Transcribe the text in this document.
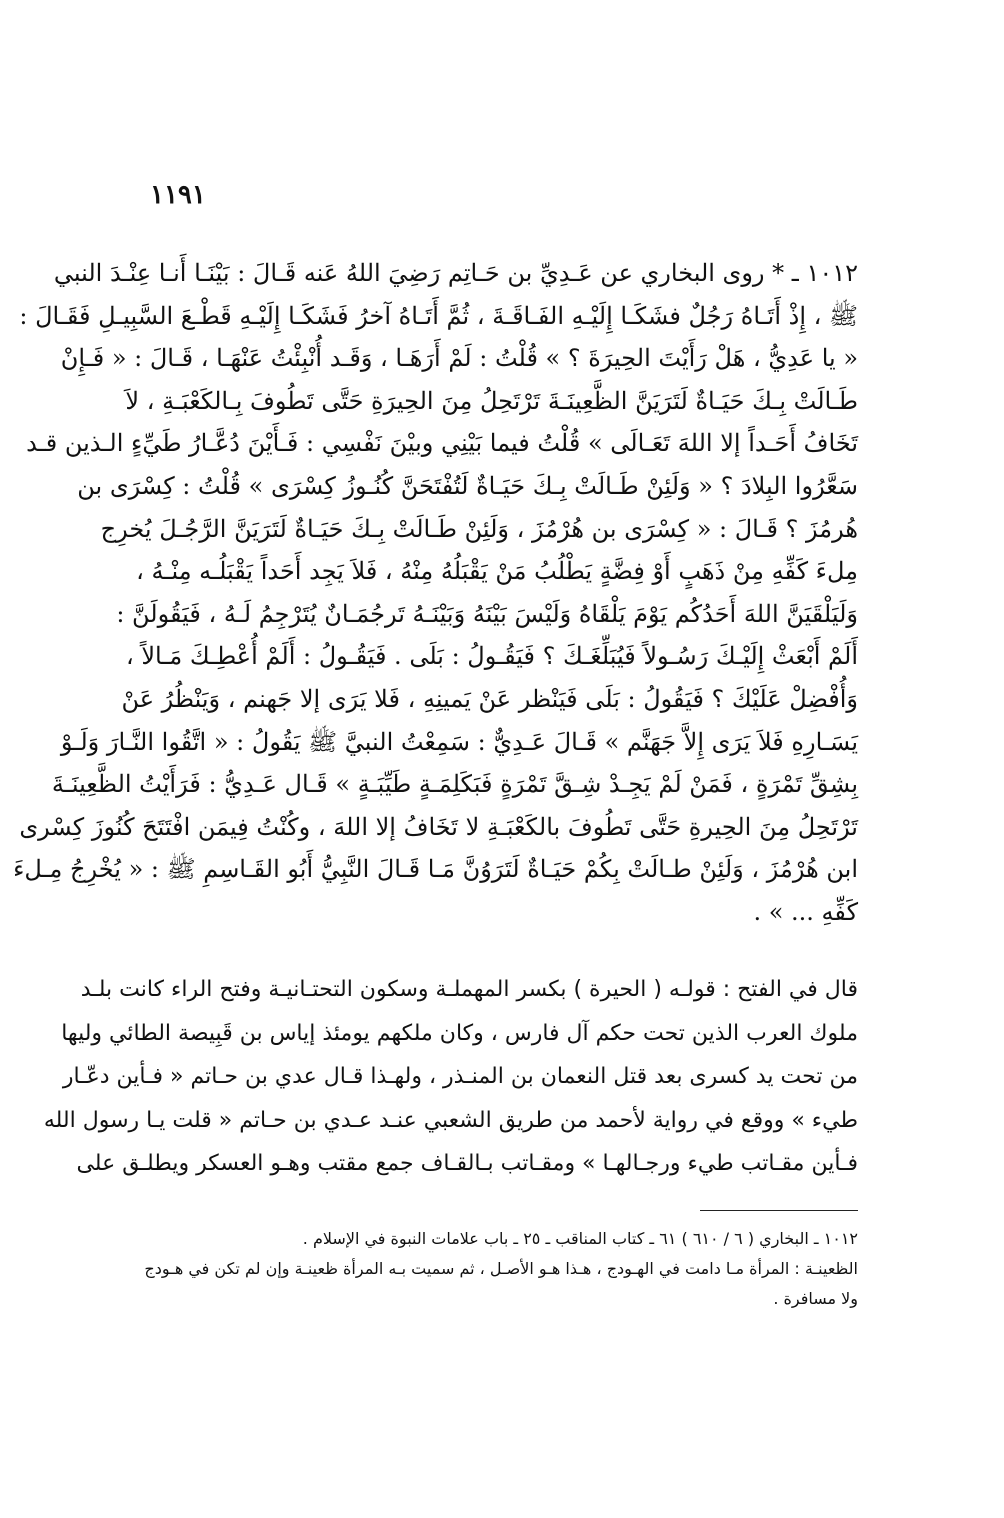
١١٩١
١٠١٢ ـ * روى البخاري عن عَـدِيِّ بن حَـاتِم رَضِيَ اللهُ عَنه قَـالَ : بَيْنَـا أَنـا عِنْـدَ النبي
ﷺ ، إِذْ أَتَـاهُ رَجُلٌ فشَكَـا إِلَيْـهِ الفَـاقَـةَ ، ثُمَّ أَتَـاهُ آخرُ فَشَكَـا إِلَيْـهِ قَطْـعَ السَّبِيـلِ فَقَـالَ :
« يا عَدِيُّ ، هَلْ رَأَيْتَ الحِيرَةَ ؟ » قُلْتُ : لَمْ أَرَهَـا ، وَقَـد أُنْبِئْتُ عَنْهَـا ، قَـالَ : « فَـإِنْ
طَـالَتْ بِـكَ حَيَـاةٌ لَتَرَيَنَّ الظَّعِينَـةَ تَرْتَحِلُ مِنَ الحِيرَةِ حَتَّى تَطُوفَ بِـالكَعْبَـةِ ، لاَ
تَخَافُ أَحَـداً إلا اللهَ تَعَـالَى » قُلْتُ فيما بَيْنِي وبيْنَ نَفْسِي : فَـأَيْنَ دُعَّـارُ طَيِّءٍ الـذين قـد
سَعَّرُوا البِلادَ ؟ « وَلَئِنْ طَـالَتْ بِـكَ حَيَـاةٌ لَتُفْتَحَنَّ كُنُـوزُ كِسْرَى » قُلْتُ : كِسْرَى بن
هُرمُزَ ؟ قَـالَ : « كِسْرَى بن هُرْمُزَ ، وَلَئِنْ طَـالَتْ بِـكَ حَيَـاةٌ لَتَرَيَنَّ الرَّجُـلَ يُخرِج
مِلءَ كَفِّهِ مِنْ ذَهَبٍ أَوْ فِضَّةٍ يَطْلُبُ مَنْ يَقْبَلُهُ مِنْهُ ، فَلاَ يَجِد أَحَداً يَقْبَلُـه مِنْـهُ ،
وَلَيَلْقَيَنَّ اللهَ أَحَدُكُم يَوْمَ يَلْقَاهُ وَلَيْسَ بَيْنَهُ وَبَيْنَـهُ تَرجُمَـانٌ يُتَرْجِمُ لَـهُ ، فَيَقُولَنَّ :
أَلَمْ أَبْعَثْ إِلَيْـكَ رَسُـولاً فَيُبَلِّغَـكَ ؟ فَيَقُـولُ : بَلَى . فَيَقُـولُ : أَلَمْ أُعْطِـكَ مَـالاً ،
وَأُفْضِلْ عَلَيْكَ ؟ فَيَقُولُ : بَلَى فَيَنْظر عَنْ يَمينِهِ ، فَلا يَرَى إلا جَهنم ، وَيَنْظُرُ عَنْ
يَسَـارِهِ فَلاَ يَرَى إِلاَّ جَهَنَّم » قَـالَ عَـدِيٌّ : سَمِعْتُ النبيَّ ﷺ يَقُولُ : « اتَّقُوا النَّـارَ وَلَـوْ
بِشِقِّ تَمْرَةٍ ، فَمَنْ لَمْ يَجِـدْ شِـقَّ تَمْرَةٍ فَبَكَلِمَـةٍ طَيِّبَـةٍ » قَـال عَـدِيُّ : فَرَأَيْتُ الظَّعِينَـةَ
تَرْتَحِلُ مِنَ الحِيرةِ حَتَّى تَطُوفَ بالكَعْبَـةِ لا تَخَافُ إلا اللهَ ، وكُنْتُ فِيمَن افْتَتَحَ كُنُوزَ كِسْرى
ابن هُرْمُزَ ، وَلَئِنْ طـالَتْ بِكُمْ حَيَـاةٌ لَتَرَوُنَّ مَـا قَـالَ النَّبِيُّ أَبُو القَـاسِمِ ﷺ : « يُخْرِجُ مِـلءَ
كَفِّهِ ... » .
قال في الفتح : قولـه ( الحيرة ) بكسر المهملـة وسكون التحتـانيـة وفتح الراء كانت بلـد
ملوك العرب الذين تحت حكم آل فارس ، وكان ملكهم يومئذ إياس بن قَبِيصة الطائي وليها
من تحت يد كسرى بعد قتل النعمان بن المنـذر ، ولهـذا قـال عدي بن حـاتم « فـأين دعّـار
طيء » ووقع في رواية لأحمد من طريق الشعبي عنـد عـدي بن حـاتم « قلت يـا رسول الله
فـأين مقـاتب طيء ورجـالهـا » ومقـاتب بـالقـاف جمع مقتب وهـو العسكر ويطلـق على
١٠١٢ ـ البخاري ( ٦ / ٦١٠ ) ٦١ ـ كتاب المناقب ـ ٢٥ ـ باب علامات النبوة في الإسلام .
الظعينـة : المرأة مـا دامت في الهـودج ، هـذا هـو الأصـل ، ثم سميت بـه المرأة ظعينـة وإن لم تكن في هـودج
ولا مسافرة .
